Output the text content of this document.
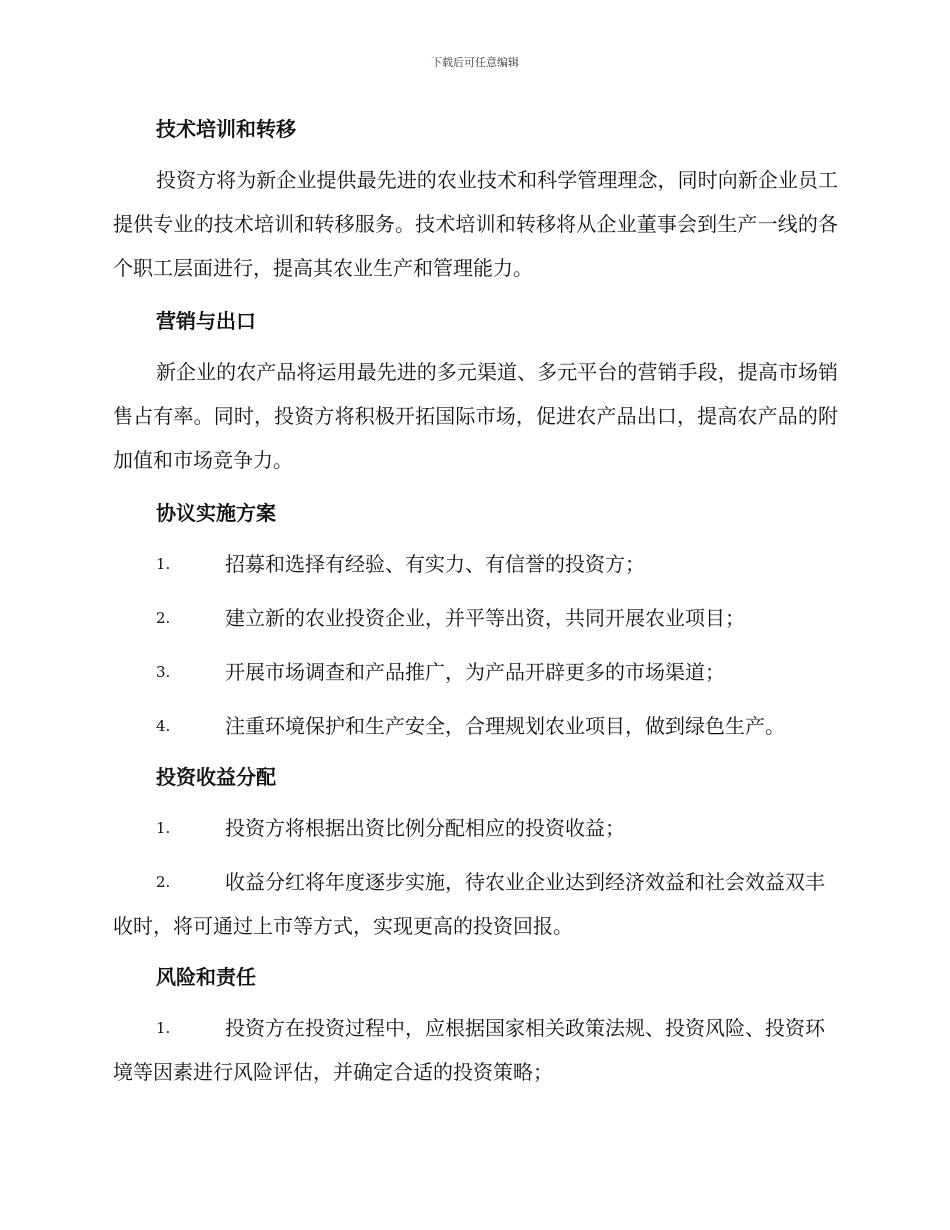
下载后可任意编辑
技术培训和转移

投资方将为新企业提供最先进的农业技术和科学管理理念，同时向新企业员工提供专业的技术培训和转移服务。技术培训和转移将从企业董事会到生产一线的各个职工层面进行，提高其农业生产和管理能力。

营销与出口

新企业的农产品将运用最先进的多元渠道、多元平台的营销手段，提高市场销售占有率。同时，投资方将积极开拓国际市场，促进农产品出口，提高农产品的附加值和市场竞争力。

协议实施方案
1.	招募和选择有经验、有实力、有信誉的投资方；
2.	建立新的农业投资企业，并平等出资，共同开展农业项目；
3.	开展市场调查和产品推广，为产品开辟更多的市场渠道；
4.	注重环境保护和生产安全，合理规划农业项目，做到绿色生产。
投资收益分配
1.	投资方将根据出资比例分配相应的投资收益；
2.	收益分红将年度逐步实施，待农业企业达到经济效益和社会效益双丰收时，将可通过上市等方式，实现更高的投资回报。
风险和责任
1.	投资方在投资过程中，应根据国家相关政策法规、投资风险、投资环境等因素进行风险评估，并确定合适的投资策略；
